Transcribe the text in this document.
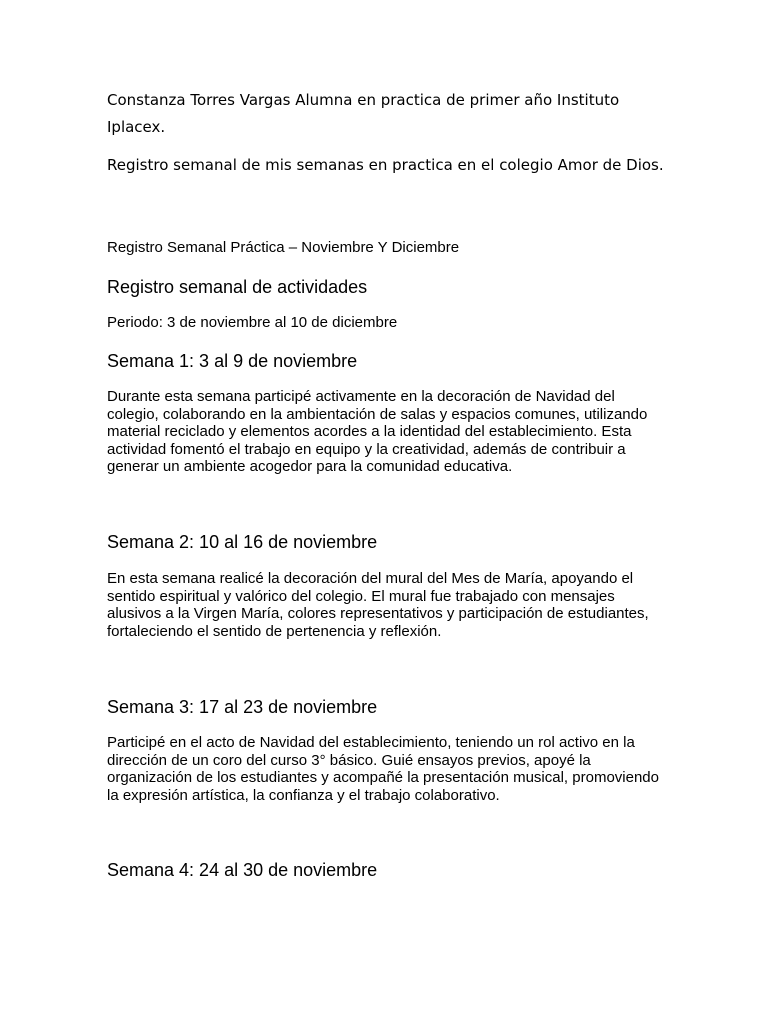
Constanza Torres Vargas Alumna en practica de primer año Instituto Iplacex.

Registro semanal de mis semanas en practica en el colegio Amor de Dios.

Registro Semanal Práctica – Noviembre Y Diciembre

Registro semanal de actividades

Periodo: 3 de noviembre al 10 de diciembre

Semana 1: 3 al 9 de noviembre

Durante esta semana participé activamente en la decoración de Navidad del colegio, colaborando en la ambientación de salas y espacios comunes, utilizando material reciclado y elementos acordes a la identidad del establecimiento. Esta actividad fomentó el trabajo en equipo y la creatividad, además de contribuir a generar un ambiente acogedor para la comunidad educativa.

Semana 2: 10 al 16 de noviembre

En esta semana realicé la decoración del mural del Mes de María, apoyando el sentido espiritual y valórico del colegio. El mural fue trabajado con mensajes alusivos a la Virgen María, colores representativos y participación de estudiantes, fortaleciendo el sentido de pertenencia y reflexión.

Semana 3: 17 al 23 de noviembre

Participé en el acto de Navidad del establecimiento, teniendo un rol activo en la dirección de un coro del curso 3° básico. Guié ensayos previos, apoyé la organización de los estudiantes y acompañé la presentación musical, promoviendo la expresión artística, la confianza y el trabajo colaborativo.

Semana 4: 24 al 30 de noviembre
